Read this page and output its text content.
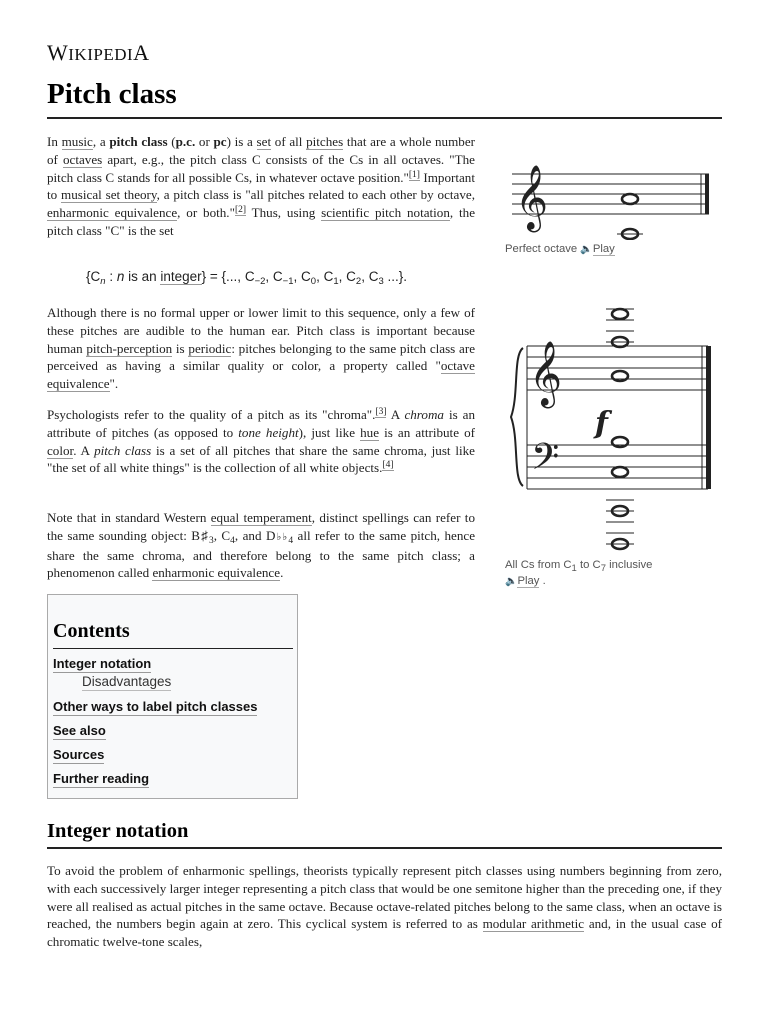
WIKIPEDIA
Pitch class

In music, a pitch class (p.c. or pc) is a set of all pitches that are a whole number of octaves apart, e.g., the pitch class C consists of the Cs in all octaves. "The pitch class C stands for all possible Cs, in whatever octave position."[1] Important to musical set theory, a pitch class is "all pitches related to each other by octave, enharmonic equivalence, or both."[2] Thus, using scientific pitch notation, the pitch class "C" is the set

{$C_n$ : n is an integer} = {..., $C_{-2}$, $C_{-1}$, $C_0$, $C_1$, $C_2$, $C_3$ ...}.

Although there is no formal upper or lower limit to this sequence, only a few of these pitches are audible to the human ear. Pitch class is important because human pitch-perception is periodic: pitches belonging to the same pitch class are perceived as having a similar quality or color, a property called "octave equivalence".

Psychologists refer to the quality of a pitch as its "chroma".[3] A chroma is an attribute of pitches (as opposed to tone height), just like hue is an attribute of color. A pitch class is a set of all pitches that share the same chroma, just like "the set of all white things" is the collection of all white objects.[4]

Note that in standard Western equal temperament, distinct spellings can refer to the same sounding object: $B♯_3$, $C_4$, and $D♭♭_4$ all refer to the same pitch, hence share the same chroma, and therefore belong to the same pitch class; a phenomenon called enharmonic equivalence.

𝄞
Perfect octave 🔈Play
𝄞
𝄢
f
All Cs from $C_1$ to $C_7$ inclusive
🔈Play .
Contents
Integer notation
Disadvantages
Other ways to label pitch classes
See also
Sources
Further reading
Integer notation

To avoid the problem of enharmonic spellings, theorists typically represent pitch classes using numbers beginning from zero, with each successively larger integer representing a pitch class that would be one semitone higher than the preceding one, if they were all realised as actual pitches in the same octave. Because octave-related pitches belong to the same class, when an octave is reached, the numbers begin again at zero. This cyclical system is referred to as modular arithmetic and, in the usual case of chromatic twelve-tone scales,
